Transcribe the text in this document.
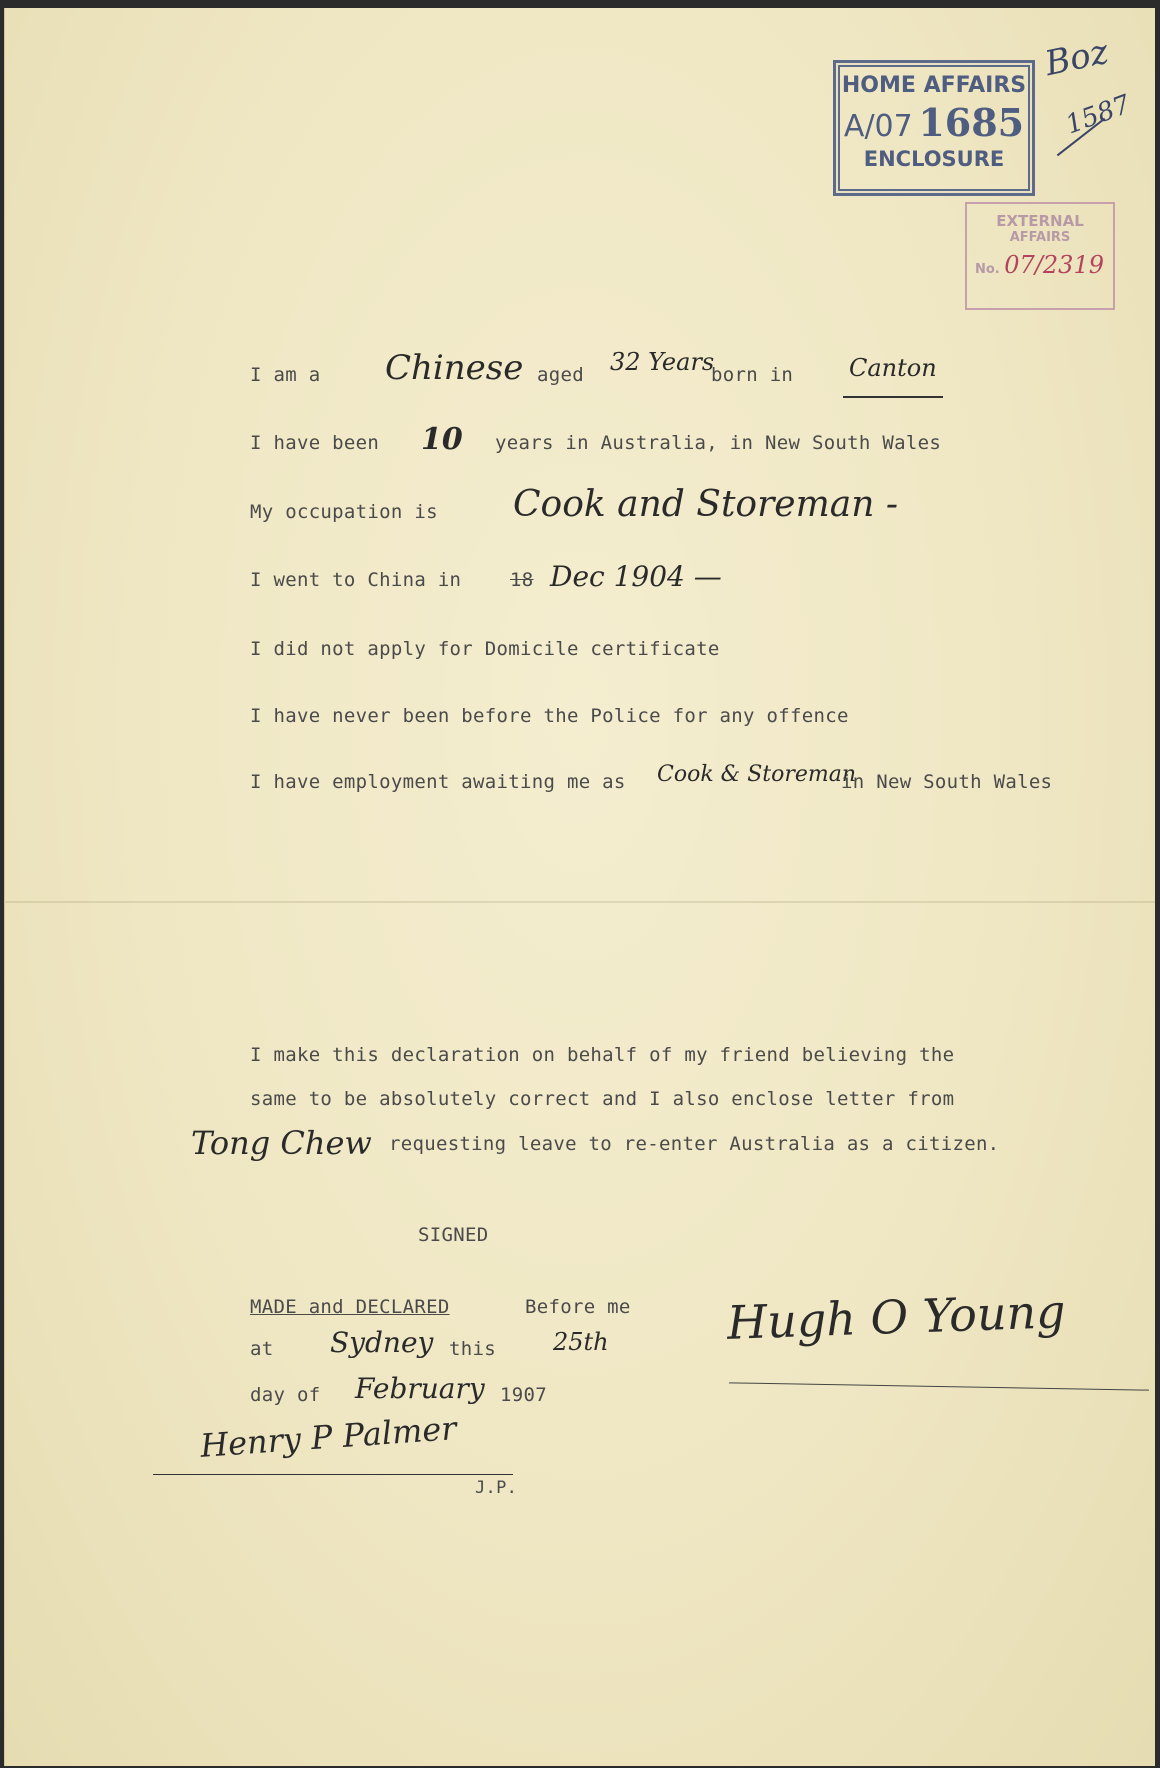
HOME AFFAIRS
A/07 1685
ENCLOSURE
Boz
1587
EXTERNAL
AFFAIRS
No. 07/2319
I am a Chinese aged 32 Years
born in Canton
I have been 10 years in Australia, in New South Wales
My occupation is Cook and Storeman -
I went to China in	18 Dec 1904 —
I did not apply for Domicile certificate
I have never been before the Police for any offence
I have employment awaiting me as Cook & Storeman
in New South Wales
I make this declaration on behalf of my friend believing the
same to be absolutely correct and I also enclose letter from
Tong Chew requesting leave to re-enter Australia as a citizen.
SIGNED
MADE and DECLARED	Before me
at Sydney this 25th
day of February 1907
Henry P Palmer
J.P.
Hugh O Young
